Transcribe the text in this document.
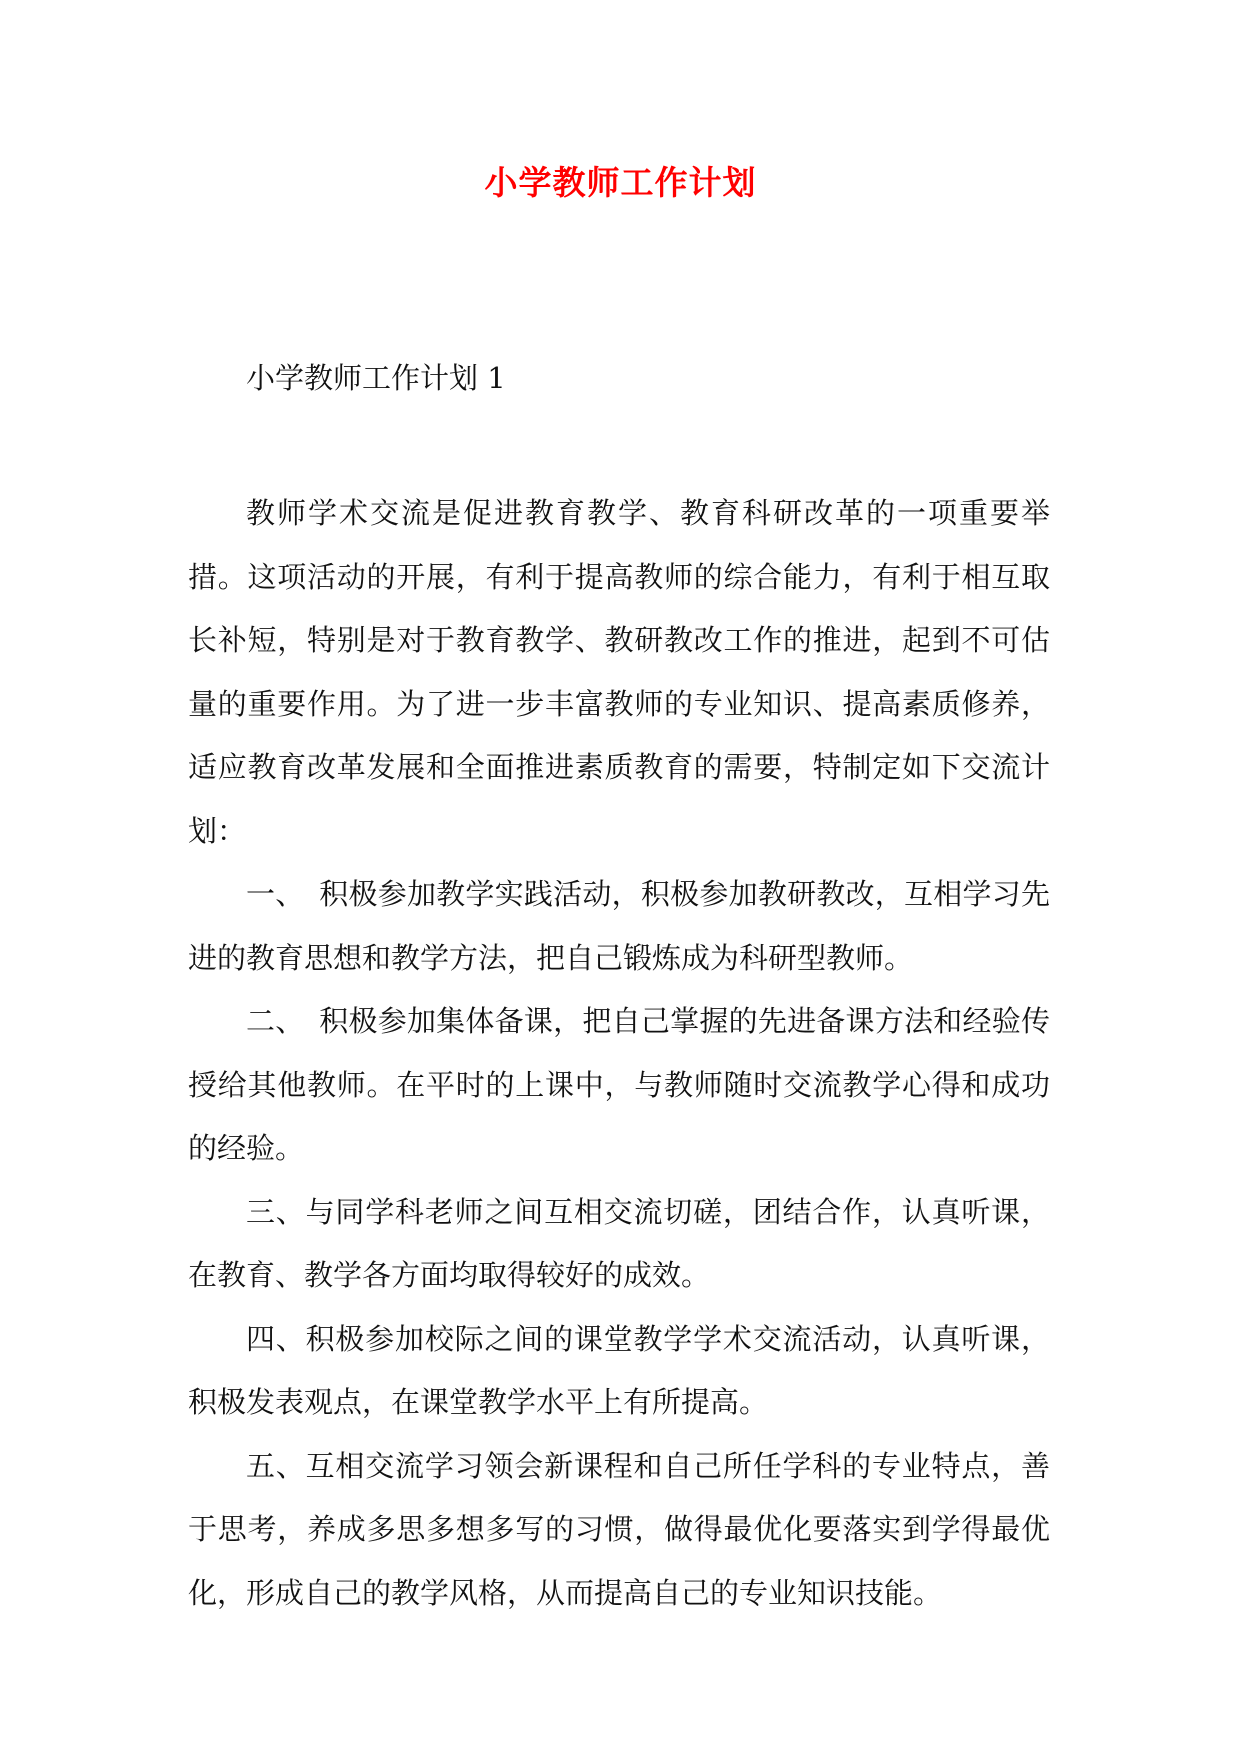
小学教师工作计划
小学教师工作计划 1

教师学术交流是促进教育教学、教育科研改革的一项重要举措。这项活动的开展，有利于提高教师的综合能力，有利于相互取长补短，特别是对于教育教学、教研教改工作的推进，起到不可估量的重要作用。为了进一步丰富教师的专业知识、提高素质修养，适应教育改革发展和全面推进素质教育的需要，特制定如下交流计划：

一、　积极参加教学实践活动，积极参加教研教改，互相学习先进的教育思想和教学方法，把自己锻炼成为科研型教师。

二、　积极参加集体备课，把自己掌握的先进备课方法和经验传授给其他教师。在平时的上课中，与教师随时交流教学心得和成功的经验。

三、与同学科老师之间互相交流切磋，团结合作，认真听课，在教育、教学各方面均取得较好的成效。

四、积极参加校际之间的课堂教学学术交流活动，认真听课，积极发表观点，在课堂教学水平上有所提高。

五、互相交流学习领会新课程和自己所任学科的专业特点，善于思考，养成多思多想多写的习惯，做得最优化要落实到学得最优化，形成自己的教学风格，从而提高自己的专业知识技能。
